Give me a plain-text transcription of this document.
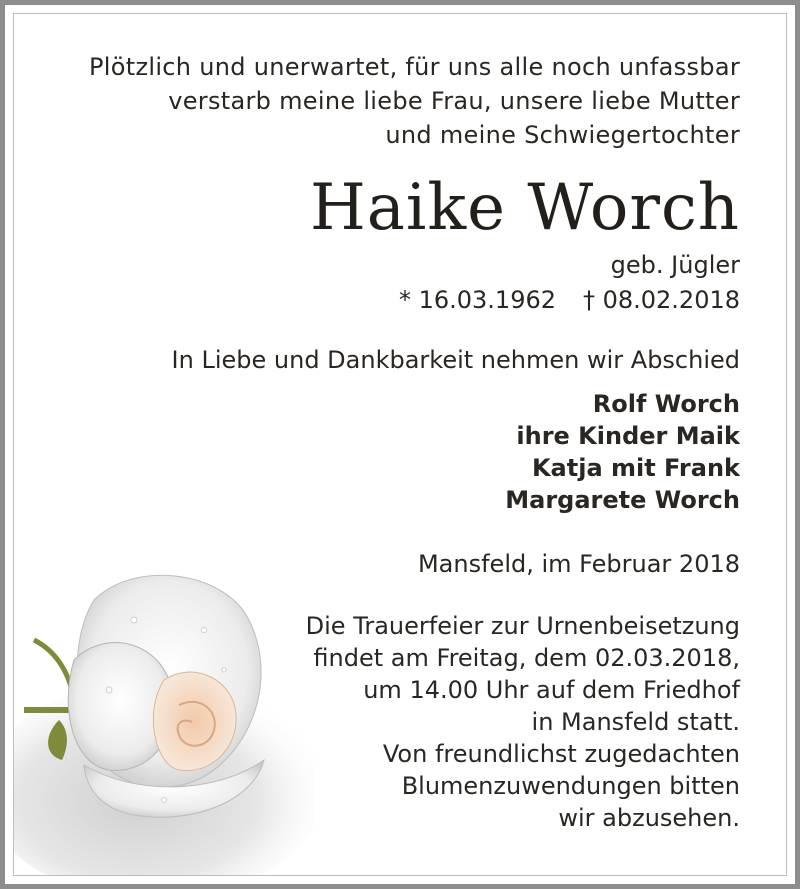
Plötzlich und unerwartet, für uns alle noch unfassbar
verstarb meine liebe Frau, unsere liebe Mutter
und meine Schwiegertochter
Haike Worch
geb. Jügler
* 16.03.1962 † 08.02.2018
In Liebe und Dankbarkeit nehmen wir Abschied
Rolf Worch
ihre Kinder Maik
Katja mit Frank
Margarete Worch
Mansfeld, im Februar 2018
Die Trauerfeier zur Urnenbeisetzung
findet am Freitag, dem 02.03.2018,
um 14.00 Uhr auf dem Friedhof
in Mansfeld statt.
Von freundlichst zugedachten
Blumenzuwendungen bitten
wir abzusehen.
